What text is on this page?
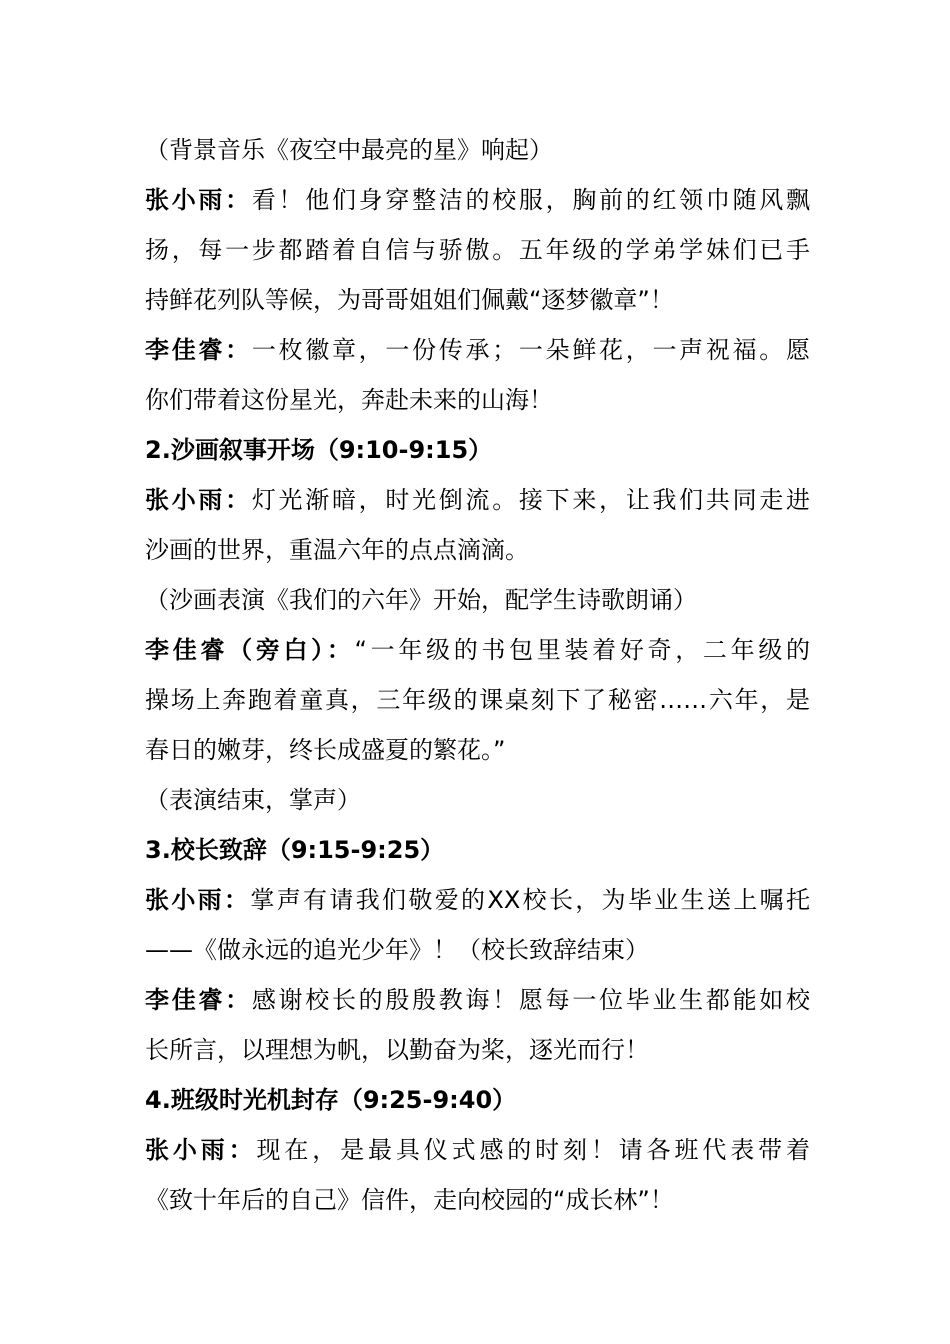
（背景音乐《夜空中最亮的星》响起）
张小雨：看！他们身穿整洁的校服，胸前的红领巾随风飘
扬，每一步都踏着自信与骄傲。五年级的学弟学妹们已手
持鲜花列队等候，为哥哥姐姐们佩戴“逐梦徽章”！
李佳睿：一枚徽章，一份传承；一朵鲜花，一声祝福。愿
你们带着这份星光，奔赴未来的山海！
2.沙画叙事开场（9:10-9:15）
张小雨：灯光渐暗，时光倒流。接下来，让我们共同走进
沙画的世界，重温六年的点点滴滴。
（沙画表演《我们的六年》开始，配学生诗歌朗诵）
李佳睿（旁白）：“一年级的书包里装着好奇，二年级的
操场上奔跑着童真，三年级的课桌刻下了秘密……六年，是
春日的嫩芽，终长成盛夏的繁花。”
（表演结束，掌声）
3.校长致辞（9:15-9:25）
张小雨：掌声有请我们敬爱的XX校长，为毕业生送上嘱托
——《做永远的追光少年》！（校长致辞结束）
李佳睿：感谢校长的殷殷教诲！愿每一位毕业生都能如校
长所言，以理想为帆，以勤奋为桨，逐光而行！
4.班级时光机封存（9:25-9:40）
张小雨：现在，是最具仪式感的时刻！请各班代表带着
《致十年后的自己》信件，走向校园的“成长林”！
